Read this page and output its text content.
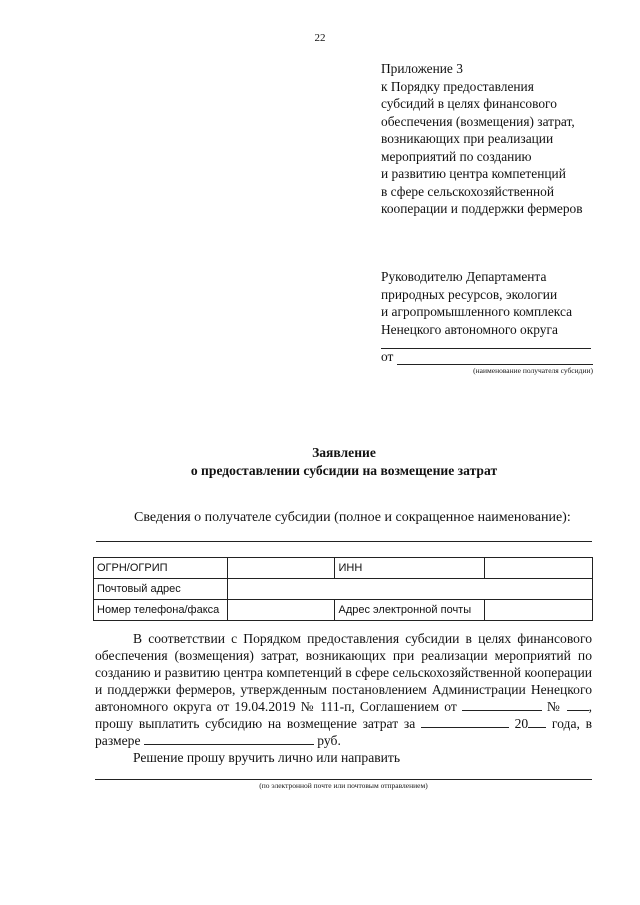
22
Приложение 3
к Порядку предоставления
субсидий в целях финансового
обеспечения (возмещения) затрат,
возникающих при реализации
мероприятий по созданию
и развитию центра компетенций
в сфере сельскохозяйственной
кооперации и поддержки фермеров
Руководителю Департамента
природных ресурсов, экологии
и агропромышленного комплекса
Ненецкого автономного округа
от
(наименование получателя субсидии)
Заявление
о предоставлении субсидии на возмещение затрат
Сведения о получателе субсидии (полное и сокращенное наименование):
ОГРН/ОГРИП		ИНН	
Почтовый адрес			
Номер телефона/факса		Адрес электронной почты	

В соответствии с Порядком предоставления субсидии в целях финансового обеспечения (возмещения) затрат, возникающих при реализации мероприятий по созданию и развитию центра компетенций в сфере сельскохозяйственной кооперации и поддержки фермеров, утвержденным постановлением Администрации Ненецкого автономного округа от 19.04.2019 № 111-п, Соглашением от	№ , прошу выплатить субсидию на возмещение затрат за	20 года, в размере	руб.

Решение прошу вручить лично или направить

(по электронной почте или почтовым отправлением)
